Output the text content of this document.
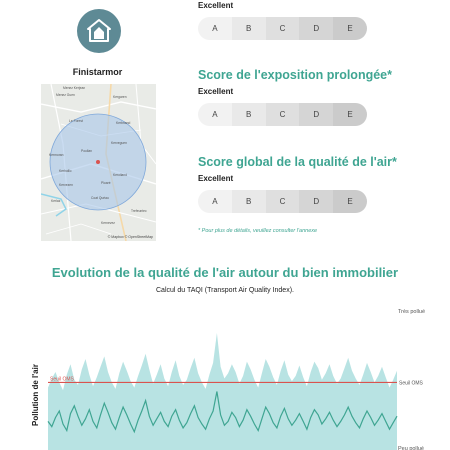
Finistarmor
Menez Kerjean
Menez Guen	Kergaren
Kerbriand
Le Forest
Poullan
Kerveguen
Kermoran
Kerhallic
Kerolland
Ploaré
Kervezen
Kerlaz
Coat Quéau
Trefeuntec
Kernevez
© Mapbox © OpenStreetMap
Excellent
A	B	C	D	E
Score de l'exposition prolongée*
Excellent
A	B	C	D	E
Score global de la qualité de l'air*
Excellent
A	B	C	D	E
* Pour plus de détails, veuillez consulter l'annexe
Evolution de la qualité de l'air autour du bien immobilier
Calcul du TAQI (Transport Air Quality Index).
Pollution de l'air
Très pollué
Peu pollué
Seuil OMS
Seuil OMS
